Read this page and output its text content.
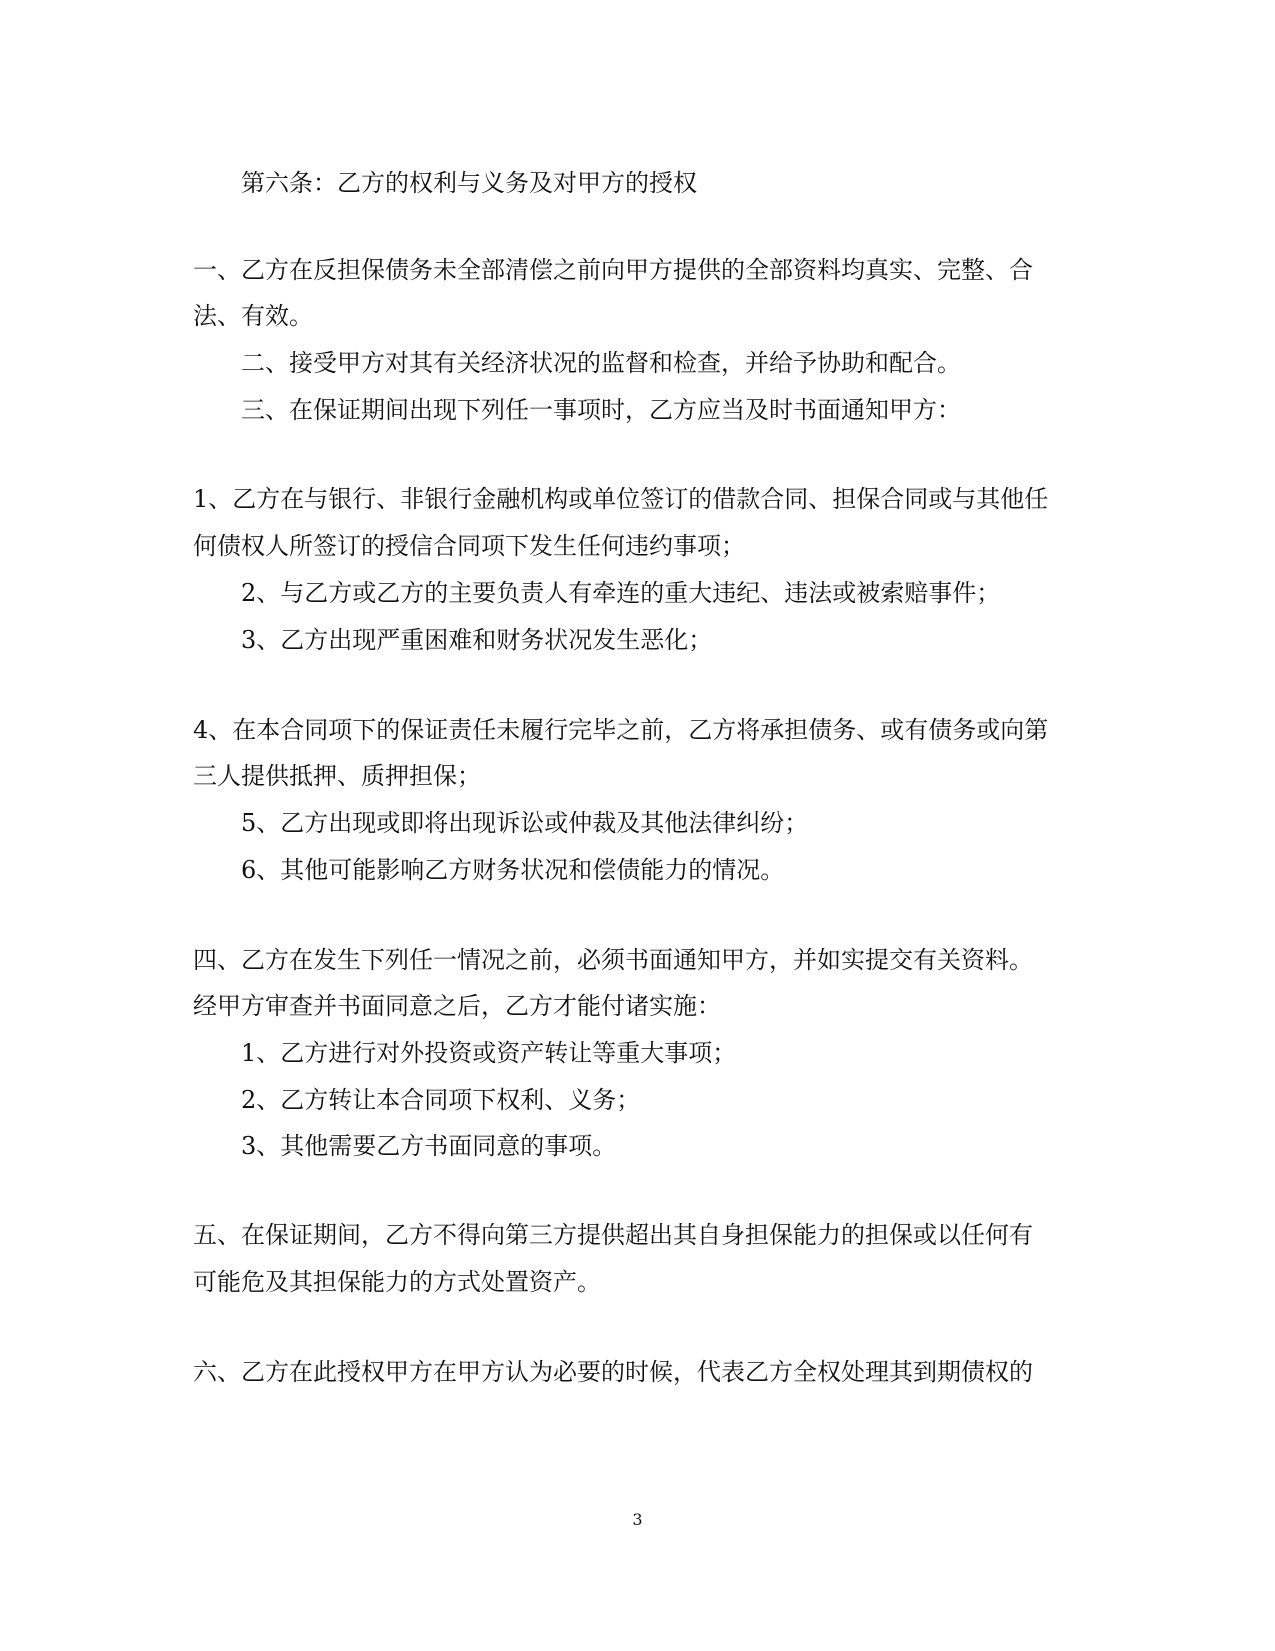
第六条：乙方的权利与义务及对甲方的授权
一、乙方在反担保债务未全部清偿之前向甲方提供的全部资料均真实、完整、合
法、有效。
二、接受甲方对其有关经济状况的监督和检查，并给予协助和配合。
三、在保证期间出现下列任一事项时，乙方应当及时书面通知甲方：
1、乙方在与银行、非银行金融机构或单位签订的借款合同、担保合同或与其他任
何债权人所签订的授信合同项下发生任何违约事项；
2、与乙方或乙方的主要负责人有牵连的重大违纪、违法或被索赔事件；
3、乙方出现严重困难和财务状况发生恶化；
4、在本合同项下的保证责任未履行完毕之前，乙方将承担债务、或有债务或向第
三人提供抵押、质押担保；
5、乙方出现或即将出现诉讼或仲裁及其他法律纠纷；
6、其他可能影响乙方财务状况和偿债能力的情况。
四、乙方在发生下列任一情况之前，必须书面通知甲方，并如实提交有关资料。
经甲方审查并书面同意之后，乙方才能付诸实施：
1、乙方进行对外投资或资产转让等重大事项；
2、乙方转让本合同项下权利、义务；
3、其他需要乙方书面同意的事项。
五、在保证期间，乙方不得向第三方提供超出其自身担保能力的担保或以任何有
可能危及其担保能力的方式处置资产。
六、乙方在此授权甲方在甲方认为必要的时候，代表乙方全权处理其到期债权的
3
